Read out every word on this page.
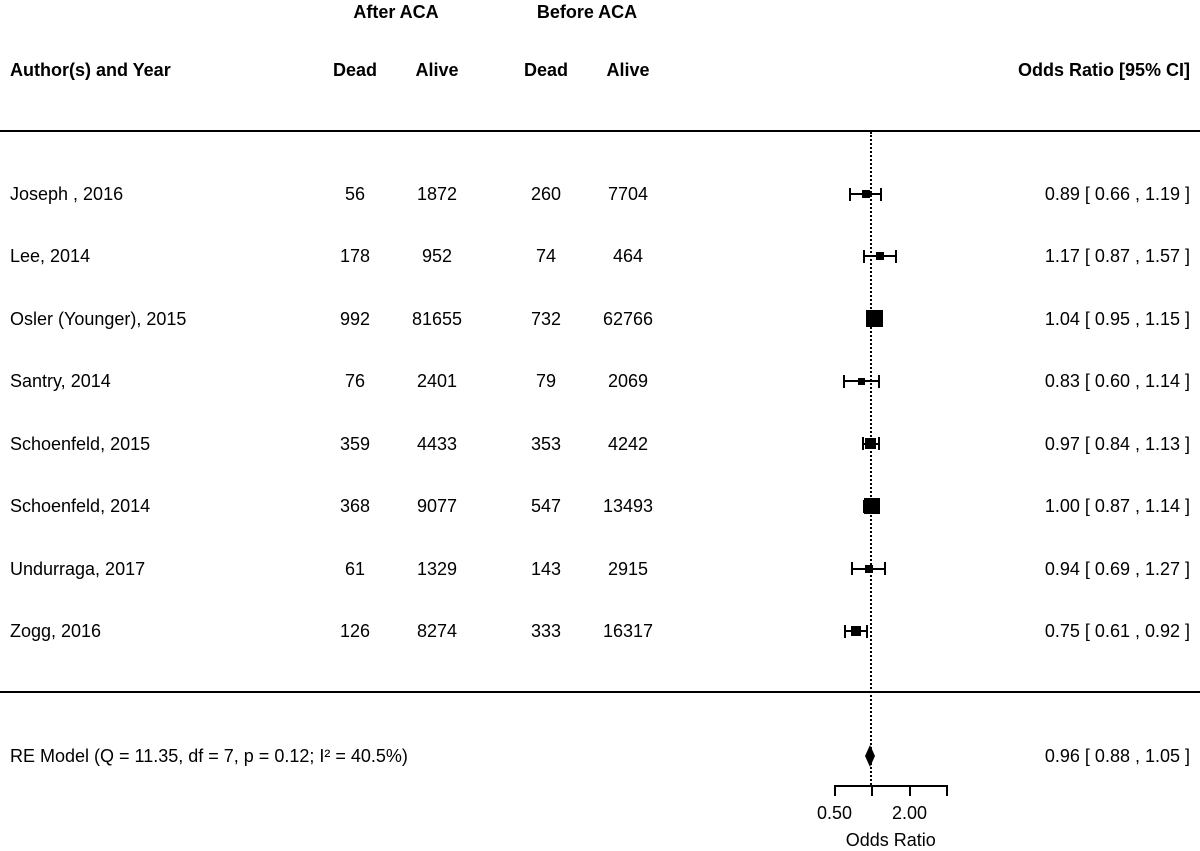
After ACA	Before ACA
Author(s) and Year	Dead Alive	Dead Alive	Odds Ratio [95% CI]
RE Model (Q = 11.35, df = 7, p = 0.12; I² = 40.5%)	0.96 [ 0.88 , 1.05 ]
Joseph , 2016	56	1872	260	7704	0.89 [ 0.66 , 1.19 ]
Lee, 2014	178	952	74	464	1.17 [ 0.87 , 1.57 ]
Osler (Younger), 2015	992 81655	732 62766	1.04 [ 0.95 , 1.15 ]
Santry, 2014	76	2401	79	2069	0.83 [ 0.60 , 1.14 ]
Schoenfeld, 2015	359	4433	353	4242	0.97 [ 0.84 , 1.13 ]
Schoenfeld, 2014	368	9077	547 13493	1.00 [ 0.87 , 1.14 ]
Undurraga, 2017	61	1329	143	2915	0.94 [ 0.69 , 1.27 ]
Zogg, 2016	126	8274	333 16317	0.75 [ 0.61 , 0.92 ]
0.50 2.00
Odds Ratio
